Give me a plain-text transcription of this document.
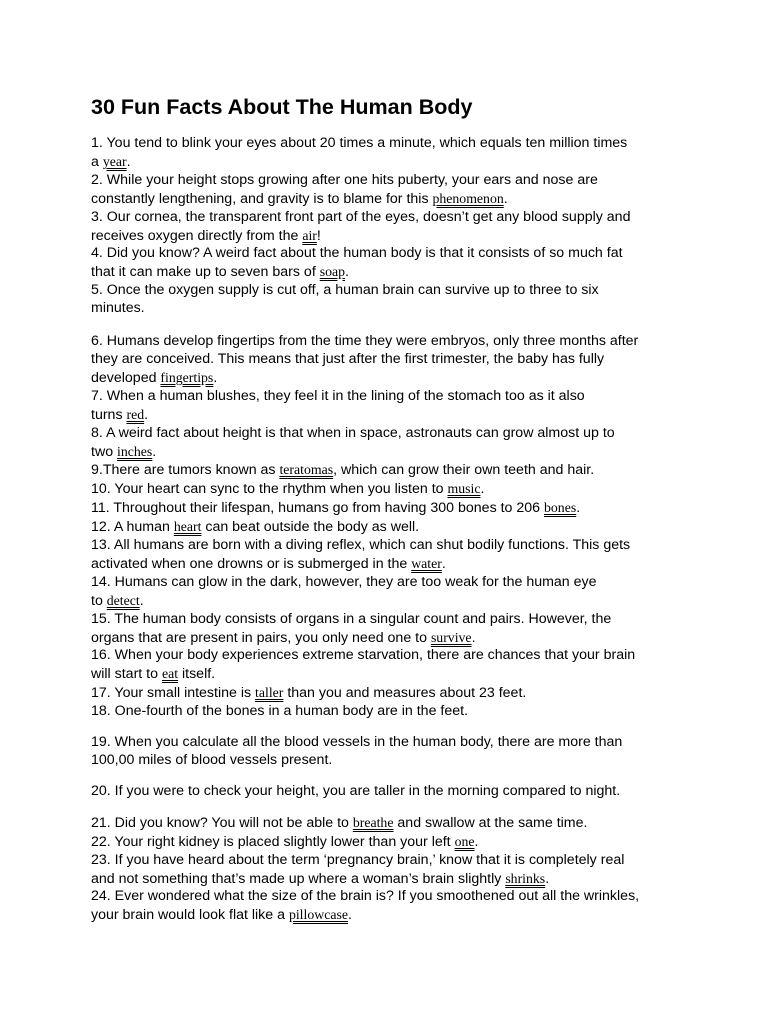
30 Fun Facts About The Human Body

1. You tend to blink your eyes about 20 times a minute, which equals ten million times

a year.

2. While your height stops growing after one hits puberty, your ears and nose are

constantly lengthening, and gravity is to blame for this phenomenon.

3. Our cornea, the transparent front part of the eyes, doesn’t get any blood supply and

receives oxygen directly from the air!

4. Did you know? A weird fact about the human body is that it consists of so much fat

that it can make up to seven bars of soap.

5. Once the oxygen supply is cut off, a human brain can survive up to three to six

minutes.

6. Humans develop fingertips from the time they were embryos, only three months after

they are conceived. This means that just after the first trimester, the baby has fully

developed fingertips.

7. When a human blushes, they feel it in the lining of the stomach too as it also

turns red.

8. A weird fact about height is that when in space, astronauts can grow almost up to

two inches.

9.There are tumors known as teratomas, which can grow their own teeth and hair.

10. Your heart can sync to the rhythm when you listen to music.

11. Throughout their lifespan, humans go from having 300 bones to 206 bones.

12. A human heart can beat outside the body as well.

13. All humans are born with a diving reflex, which can shut bodily functions. This gets

activated when one drowns or is submerged in the water.

14. Humans can glow in the dark, however, they are too weak for the human eye

to detect.

15. The human body consists of organs in a singular count and pairs. However, the

organs that are present in pairs, you only need one to survive.

16. When your body experiences extreme starvation, there are chances that your brain

will start to eat itself.

17. Your small intestine is taller than you and measures about 23 feet.

18. One-fourth of the bones in a human body are in the feet.

19. When you calculate all the blood vessels in the human body, there are more than

100,00 miles of blood vessels present.

20. If you were to check your height, you are taller in the morning compared to night.

21. Did you know? You will not be able to breathe and swallow at the same time.

22. Your right kidney is placed slightly lower than your left one.

23. If you have heard about the term ‘pregnancy brain,’ know that it is completely real

and not something that’s made up where a woman’s brain slightly shrinks.

24. Ever wondered what the size of the brain is? If you smoothened out all the wrinkles,

your brain would look flat like a pillowcase.
